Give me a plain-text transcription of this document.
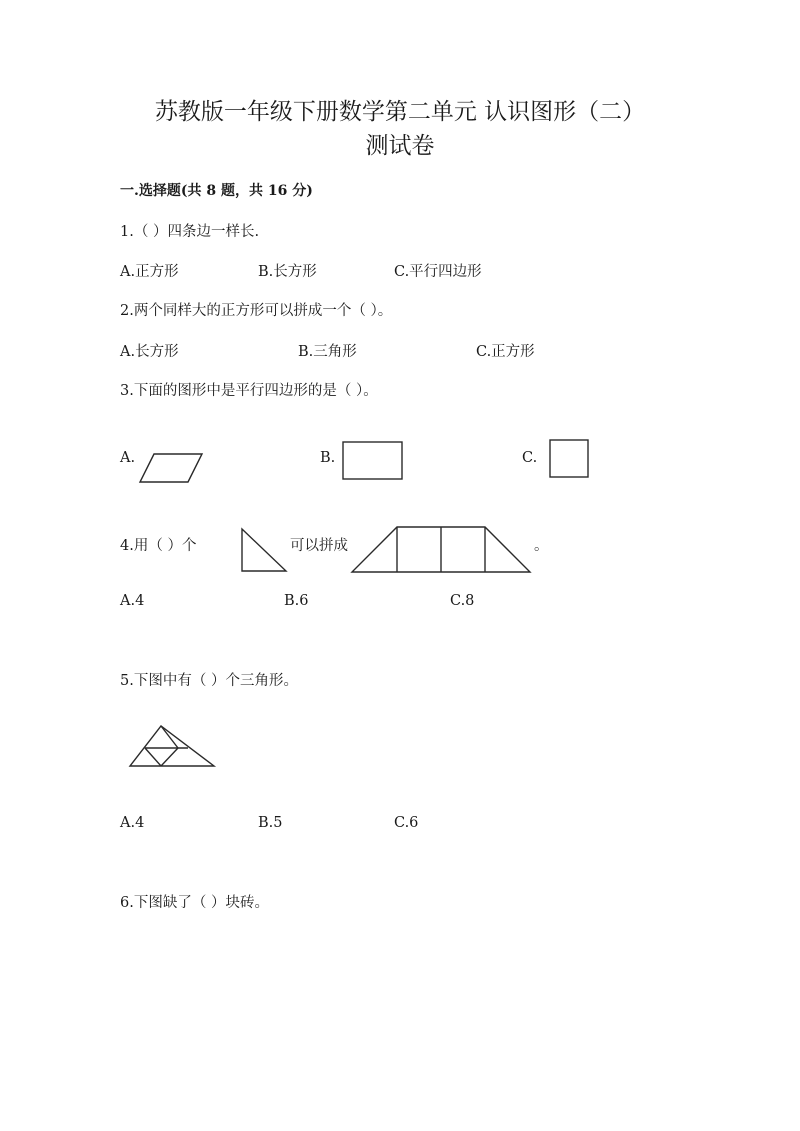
苏教版一年级下册数学第二单元 认识图形（二）
测试卷
一.选择题(共 8 题，共 16 分)
1.（ ）四条边一样长.
A.正方形	B.长方形	C.平行四边形
2.两个同样大的正方形可以拼成一个（ ）。
A.长方形	B.三角形	C.正方形
3.下面的图形中是平行四边形的是（ ）。
A.	B.	C.
4.用（ ）个	可以拼成	。
A.4	B.6	C.8
5.下图中有（ ）个三角形。
A.4	B.5	C.6
6.下图缺了（ ）块砖。
